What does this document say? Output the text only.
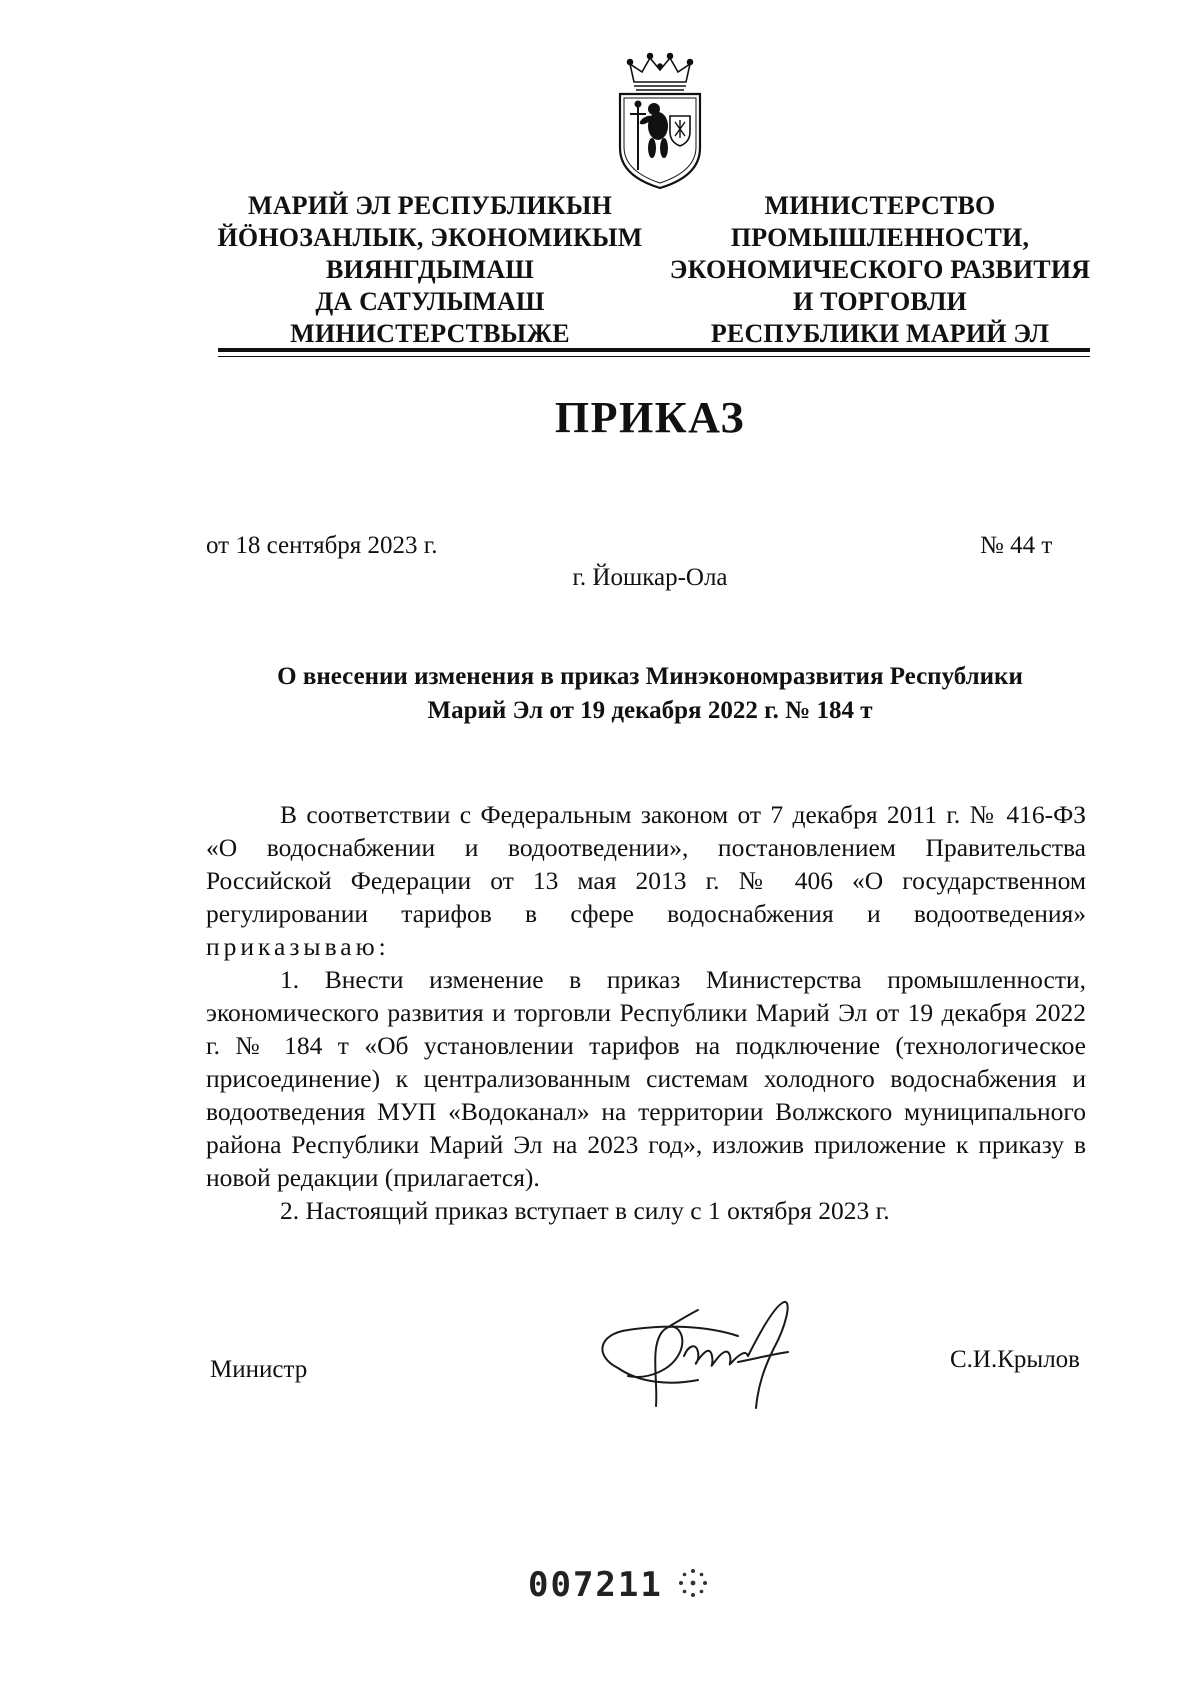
МАРИЙ ЭЛ РЕСПУБЛИКЫН
ЙӦНОЗАНЛЫК, ЭКОНОМИКЫМ
ВИЯНГДЫМАШ
ДА САТУЛЫМАШ
МИНИСТЕРСТВЫЖЕ
МИНИСТЕРСТВО
ПРОМЫШЛЕННОСТИ,
ЭКОНОМИЧЕСКОГО РАЗВИТИЯ
И ТОРГОВЛИ
РЕСПУБЛИКИ МАРИЙ ЭЛ
ПРИКАЗ
от 18 сентября 2023 г.	№ 44 т
г. Йошкар-Ола
О внесении изменения в приказ Минэкономразвития Республики
Марий Эл от 19 декабря 2022 г. № 184 т

В соответствии с Федеральным законом от 7 декабря 2011 г. № 416-ФЗ «О водоснабжении и водоотведении», постановлением Правительства Российской Федерации от 13 мая 2013 г. № 406 «О государственном регулировании тарифов в сфере водоснабжения и водоотведения» приказываю:

1. Внести изменение в приказ Министерства промышленности, экономического развития и торговли Республики Марий Эл от 19 декабря 2022 г. № 184 т «Об установлении тарифов на подключение (технологическое присоединение) к централизованным системам холодного водоснабжения и водоотведения МУП «Водоканал» на территории Волжского муниципального района Республики Марий Эл на 2023 год», изложив приложение к приказу в новой редакции (прилагается).

2. Настоящий приказ вступает в силу с 1 октября 2023 г.

Министр	С.И.Крылов
007211
